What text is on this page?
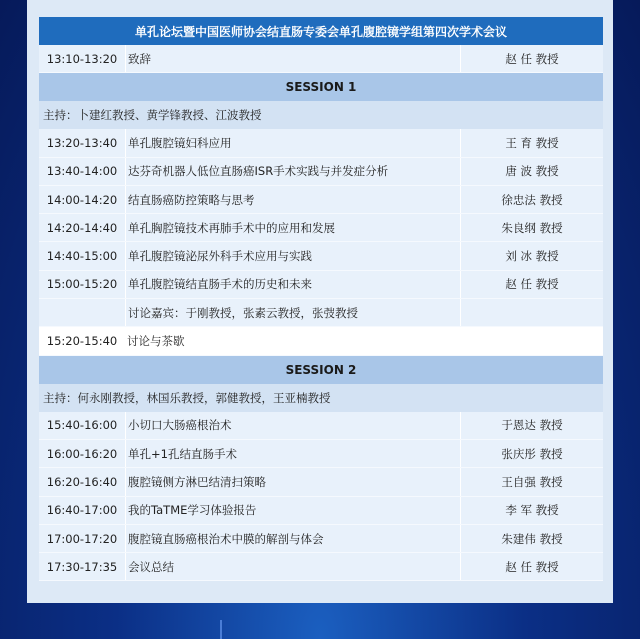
单孔论坛暨中国医师协会结直肠专委会单孔腹腔镜学组第四次学术会议
13:10-13:20 致辞	赵 任 教授
SESSION 1
主持：卜建红教授、黄学锋教授、江波教授
13:20-13:40 单孔腹腔镜妇科应用	王 育 教授
13:40-14:00 达芬奇机器人低位直肠癌ISR手术实践与并发症分析	唐 波 教授
14:00-14:20 结直肠癌防控策略与思考	徐忠法 教授
14:20-14:40 单孔胸腔镜技术再肺手术中的应用和发展	朱良纲 教授
14:40-15:00 单孔腹腔镜泌尿外科手术应用与实践	刘 冰 教授
15:00-15:20 单孔腹腔镜结直肠手术的历史和未来	赵 任 教授
讨论嘉宾：于刚教授，张素云教授，张弢教授
15:20-15:40 讨论与茶歇
SESSION 2
主持：何永刚教授，林国乐教授，郭健教授，王亚楠教授
15:40-16:00 小切口大肠癌根治术	于恩达 教授
16:00-16:20 单孔+1孔结直肠手术	张庆彤 教授
16:20-16:40 腹腔镜侧方淋巴结清扫策略	王自强 教授
16:40-17:00 我的TaTME学习体验报告	李 军 教授
17:00-17:20 腹腔镜直肠癌根治术中膜的解剖与体会	朱建伟 教授
17:30-17:35 会议总结	赵 任 教授
